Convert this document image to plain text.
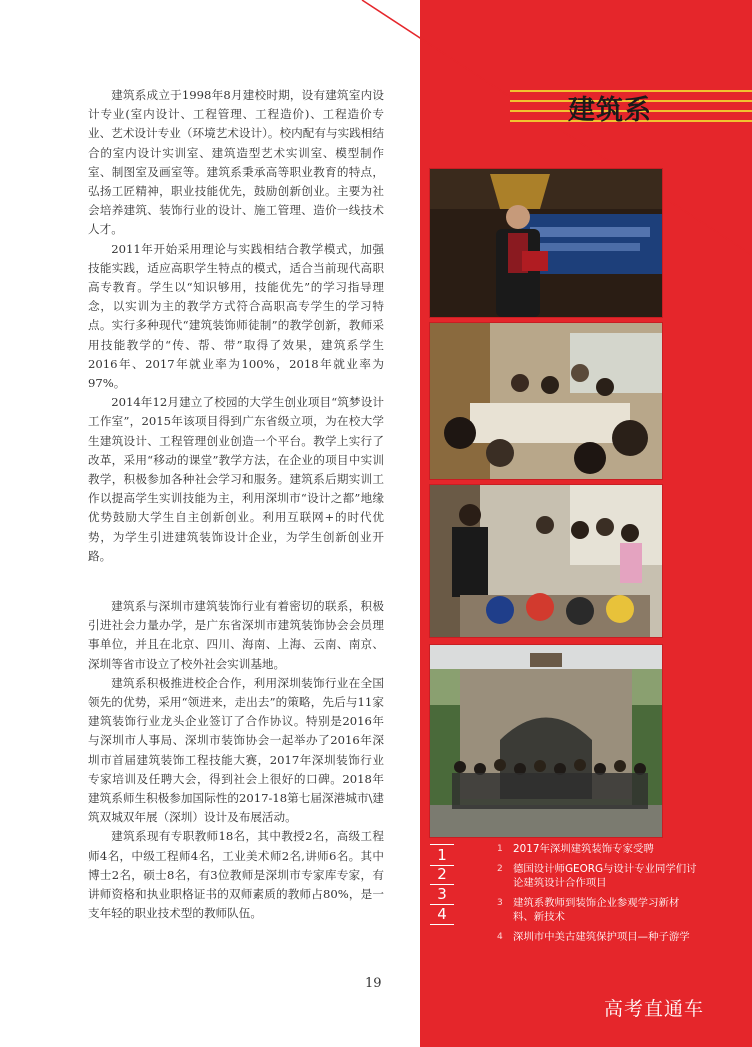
建筑系

建筑系成立于1998年8月建校时期，设有建筑室内设计专业(室内设计、工程管理、工程造价)、工程造价专业、艺术设计专业（环境艺术设计）。校内配有与实践相结合的室内设计实训室、建筑造型艺术实训室、模型制作室、制图室及画室等。建筑系秉承高等职业教育的特点，弘扬工匠精神，职业技能优先，鼓励创新创业。主要为社会培养建筑、装饰行业的设计、施工管理、造价一线技术人才。

2011年开始采用理论与实践相结合教学模式，加强技能实践，适应高职学生特点的模式，适合当前现代高职高专教育。学生以“知识够用，技能优先”的学习指导理念，以实训为主的教学方式符合高职高专学生的学习特点。实行多种现代“建筑装饰师徒制”的教学创新，教师采用技能教学的“传、帮、带”取得了效果，建筑系学生2016年、2017年就业率为100%，2018年就业率为97%。

2014年12月建立了校园的大学生创业项目“筑梦设计工作室”，2015年该项目得到广东省级立项，为在校大学生建筑设计、工程管理创业创造一个平台。教学上实行了改革，采用“移动的课堂”教学方法，在企业的项目中实训教学，积极参加各种社会学习和服务。建筑系后期实训工作以提高学生实训技能为主，利用深圳市“设计之都”地缘优势鼓励大学生自主创新创业。利用互联网+的时代优势，为学生引进建筑装饰设计企业，为学生创新创业开路。

建筑系与深圳市建筑装饰行业有着密切的联系，积极引进社会力量办学，是广东省深圳市建筑装饰协会会员理事单位，并且在北京、四川、海南、上海、云南、南京、深圳等省市设立了校外社会实训基地。

建筑系积极推进校企合作，利用深圳装饰行业在全国领先的优势，采用“领进来，走出去”的策略，先后与11家建筑装饰行业龙头企业签订了合作协议。特别是2016年与深圳市人事局、深圳市装饰协会一起举办了2016年深圳市首届建筑装饰工程技能大赛，2017年深圳装饰行业专家培训及任聘大会，得到社会上很好的口碑。2018年建筑系师生积极参加国际性的2017-18第七届深港城市\建筑双城双年展（深圳）设计及布展活动。

建筑系现有专职教师18名，其中教授2名，高级工程师4名，中级工程师4名，工业美术师2名,讲师6名。其中博士2名，硕士8名，有3位教师是深圳市专家库专家，有讲师资格和执业职格证书的双师素质的教师占80%，是一支年轻的职业技术型的教师队伍。

19
1
2
3
4
1 2017年深圳建筑装饰专家受聘
2 德国设计师GEORG与设计专业同学们讨论建筑设计合作项目
3 建筑系教师到装饰企业参观学习新材料、新技术
4 深圳市中美古建筑保护项目—种子游学
高考直通车
